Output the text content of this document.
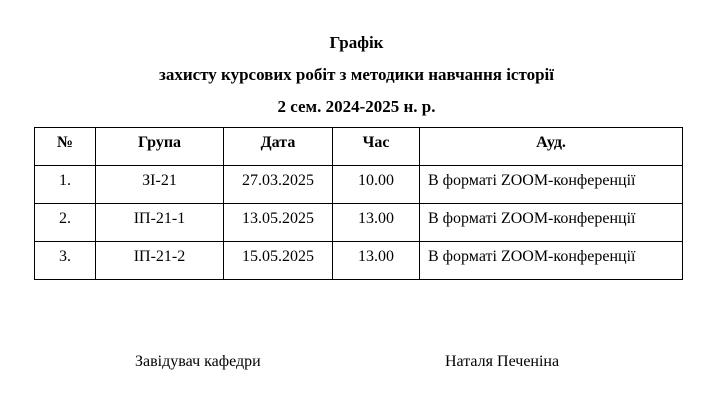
Графік
захисту курсових робіт з методики навчання історії
2 сем. 2024-2025 н. р.
№	Група	Дата	Час	Ауд.
1.	ЗІ-21	27.03.2025	10.00	В форматі ZOOM-конференції
2.	ІП-21-1	13.05.2025	13.00	В форматі ZOOM-конференції
3.	ІП-21-2	15.05.2025	13.00	В форматі ZOOM-конференції
Завідувач кафедри	Наталя Печеніна
